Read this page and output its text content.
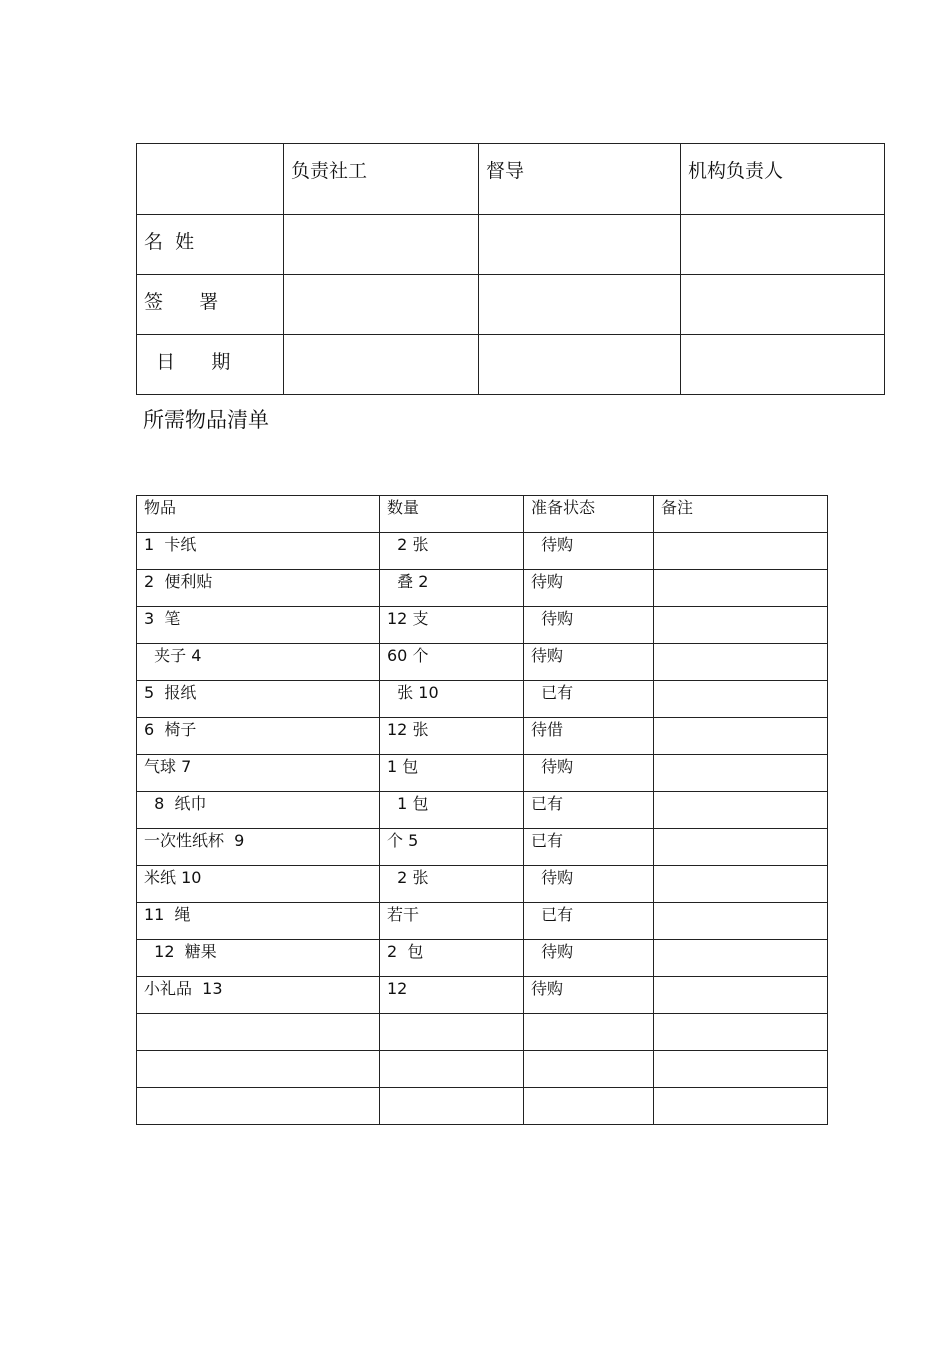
	负责社工	督导	机构负责人
名  姓			
签      署			
日      期			
所需物品清单
物品	数量	准备状态	备注

1  卡纸	2 张	待购	

2  便利贴	叠 2	待购	

3  笔	12 支	待购	

夹子 4	60 个	待购	

5  报纸	张 10	已有	

6  椅子	12 张	待借	

气球 7	1 包	待购	

8  纸巾	1 包	已有	

一次性纸杯  9	个 5	已有	

米纸 10	2 张	待购	

11  绳	若干	已有	

12  糖果	2  包	待购	

小礼品  13	12	待购	
